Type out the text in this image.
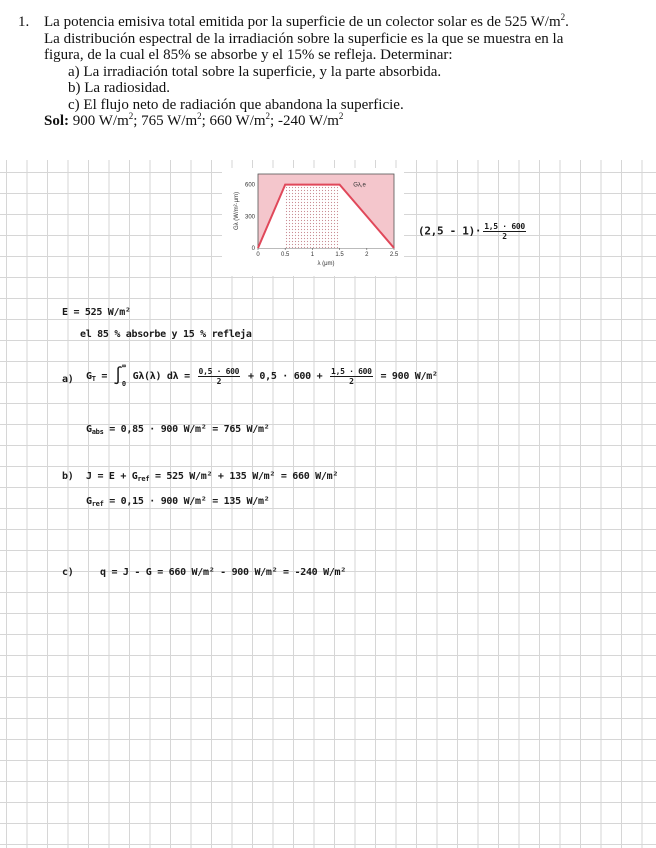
1. La potencia emisiva total emitida por la superficie de un colector solar es de 525 $W/m^2$.

La distribución espectral de la irradiación sobre la superficie es la que se muestra en la

figura, de la cual el 85% se absorbe y el 15% se refleja. Determinar:

a) La irradiación total sobre la superficie, y la parte absorbida.

b) La radiosidad.

c) El flujo neto de radiación que abandona la superficie.

Sol: 900 $W/m^2$; 765 $W/m^2$; 660 $W/m^2$; -240 $W/m^2$

0	0.5	1	1.5	2	2.5
0
300
600
λ (μm)
Gλ (W/m²·μm)
Gλ,e
$(2,5 - 1)\cdot \frac{1,5 \cdot 600}{2}$
E = 525 W/m²
el 85 % absorbe y 15 % refleja
a) $G_T$ = ∫ ∞
0
Gλ(λ) $d\lambda = \frac{0,5 \cdot 600}{2} + 0,5 \cdot 600 + \frac{1,5 \cdot 600}{2} = 900$ W/m²
$G_{abs} = 0,85 \cdot 900$ W/m² = 765 W/m²
b) $J = E + G_{ref} = 525$ W/m² + 135 W/m² = 660 W/m²
$G_{ref} = 0,15 \cdot 900$ W/m² = 135 W/m²
c)	q = J - G = 660 W/m² - 900 W/m² = -240 W/m²
